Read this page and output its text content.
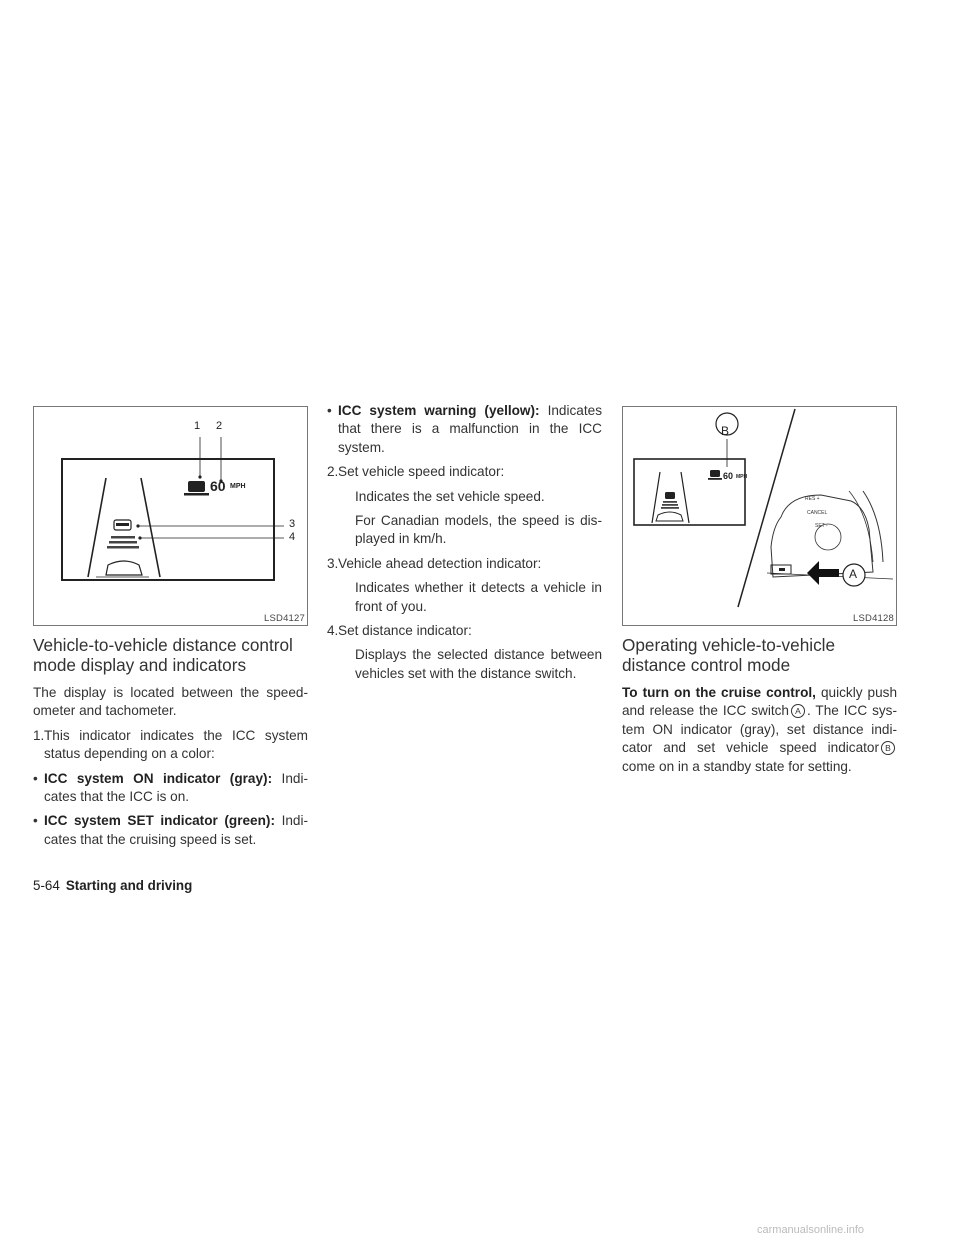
1 2
3
4
60 MPH
LSD4127
B
A
60 MPH
RES +
CANCEL
SET -
LSD4128
Vehicle-to-vehicle distance control mode display and indicators

The display is located between the speed-ometer and tachometer.

1. This indicator indicates the ICC system status depending on a color:

• ICC system ON indicator (gray): Indi-cates that the ICC is on.

• ICC system SET indicator (green): Indi-cates that the cruising speed is set.

• ICC system warning (yellow): Indicates that there is a malfunction in the ICC system.

2. Set vehicle speed indicator:

Indicates the set vehicle speed.

For Canadian models, the speed is dis-played in km/h.

3. Vehicle ahead detection indicator:

Indicates whether it detects a vehicle in front of you.

4. Set distance indicator:

Displays the selected distance between vehicles set with the distance switch.

Operating vehicle-to-vehicle distance control mode

To turn on the cruise control, quickly push and release the ICC switch A . The ICC sys-tem ON indicator (gray), set distance indi-cator and set vehicle speed indicator B come on in a standby state for setting.

5-64 Starting and driving
carmanualsonline.info
